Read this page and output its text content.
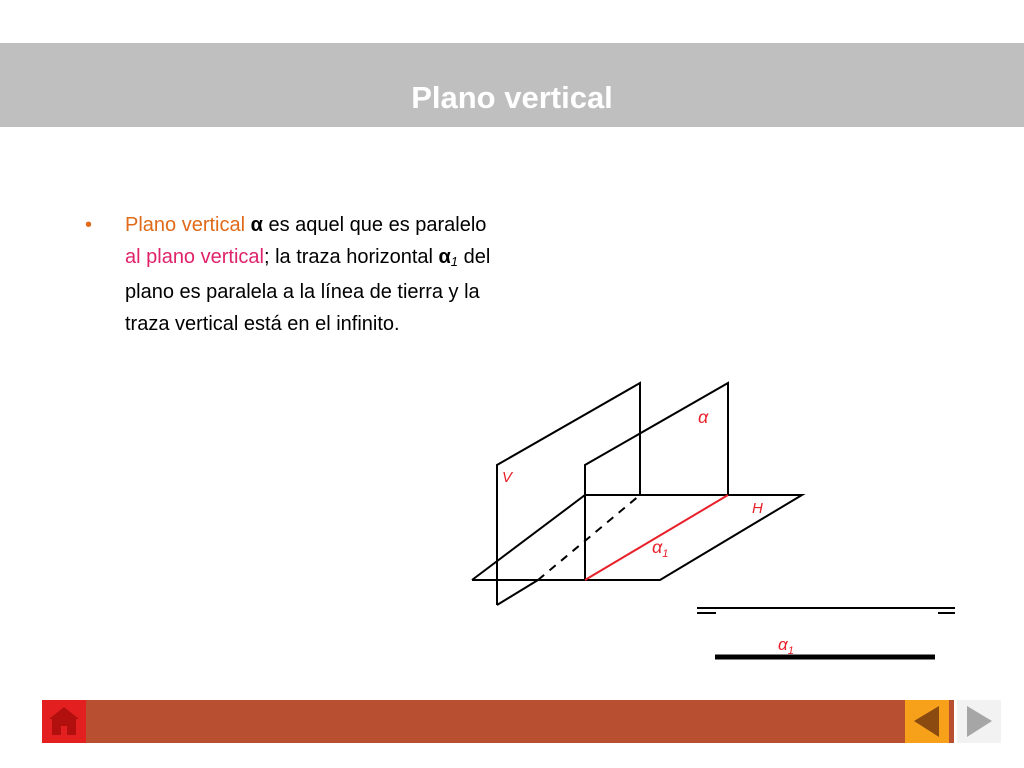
Plano vertical
• Plano vertical α es aquel que es paralelo al plano vertical; la traza horizontal $\alpha_1$ del plano es paralela a la línea de tierra y la traza vertical está en el infinito.
V
α
H
$\alpha_1$
$\alpha_1$
